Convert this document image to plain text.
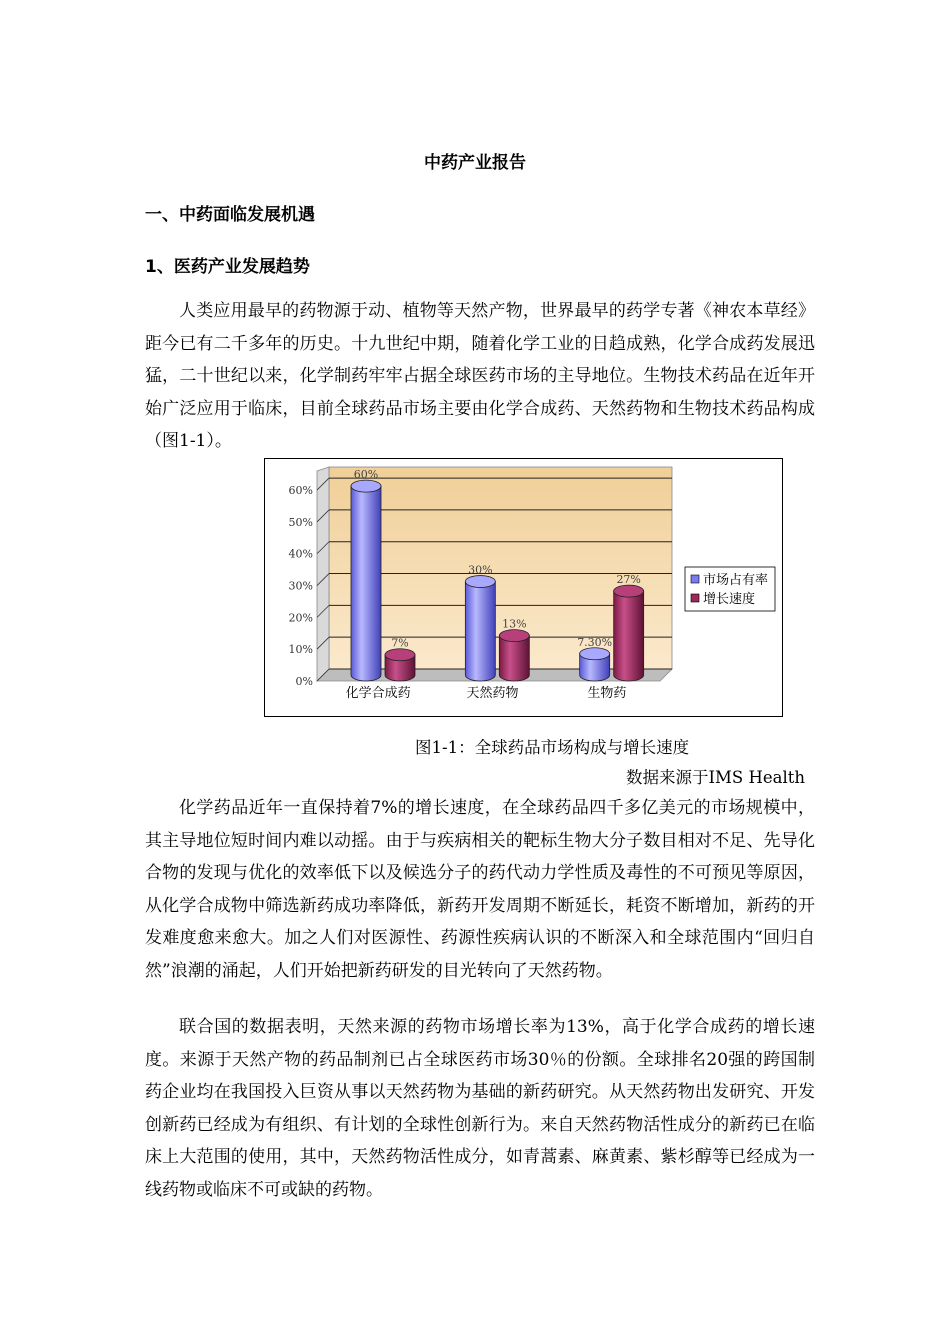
中药产业报告
一、中药面临发展机遇
1、医药产业发展趋势

人类应用最早的药物源于动、植物等天然产物，世界最早的药学专著《神农本草经》距今已有二千多年的历史。十九世纪中期，随着化学工业的日趋成熟，化学合成药发展迅猛，二十世纪以来，化学制药牢牢占据全球医药市场的主导地位。生物技术药品在近年开始广泛应用于临床，目前全球药品市场主要由化学合成药、天然药物和生物技术药品构成（图1-1）。

0%
10%
20%
30%
40%
50%
60%
60%
7%
化学合成药
30%
13%
天然药物
7.30%
27%
生物药
市场占有率
增长速度
图1-1：全球药品市场构成与增长速度
数据来源于IMS Health

化学药品近年一直保持着7%的增长速度，在全球药品四千多亿美元的市场规模中，其主导地位短时间内难以动摇。由于与疾病相关的靶标生物大分子数目相对不足、先导化合物的发现与优化的效率低下以及候选分子的药代动力学性质及毒性的不可预见等原因，从化学合成物中筛选新药成功率降低，新药开发周期不断延长，耗资不断增加，新药的开发难度愈来愈大。加之人们对医源性、药源性疾病认识的不断深入和全球范围内“回归自然”浪潮的涌起，人们开始把新药研发的目光转向了天然药物。

联合国的数据表明，天然来源的药物市场增长率为13%，高于化学合成药的增长速度。来源于天然产物的药品制剂已占全球医药市场30％的份额。全球排名20强的跨国制药企业均在我国投入巨资从事以天然药物为基础的新药研究。从天然药物出发研究、开发创新药已经成为有组织、有计划的全球性创新行为。来自天然药物活性成分的新药已在临床上大范围的使用，其中，天然药物活性成分，如青蒿素、麻黄素、紫杉醇等已经成为一线药物或临床不可或缺的药物。
